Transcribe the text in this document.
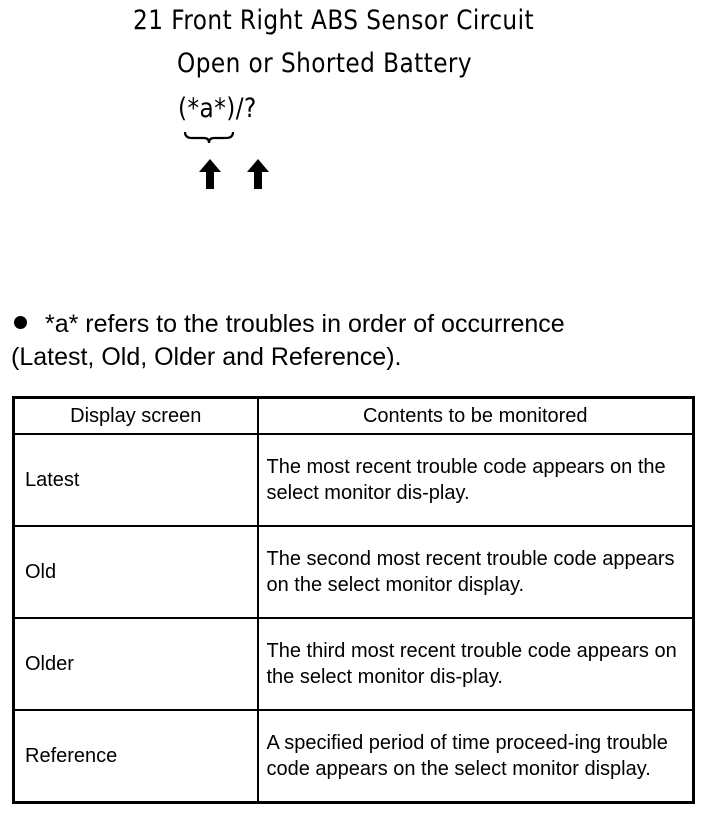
21 Front Right ABS Sensor Circuit
Open or Shorted Battery
(*a*)/?
*a* refers to the troubles in order of occurrence
(Latest, Old, Older and Reference).
Display screen	Contents to be monitored
Latest	The most recent trouble code appears on the select monitor dis-play.
Old	The second most recent trouble code appears on the select monitor display.
Older	The third most recent trouble code appears on the select monitor dis-play.
Reference	A specified period of time proceed-ing trouble code appears on the select monitor display.
